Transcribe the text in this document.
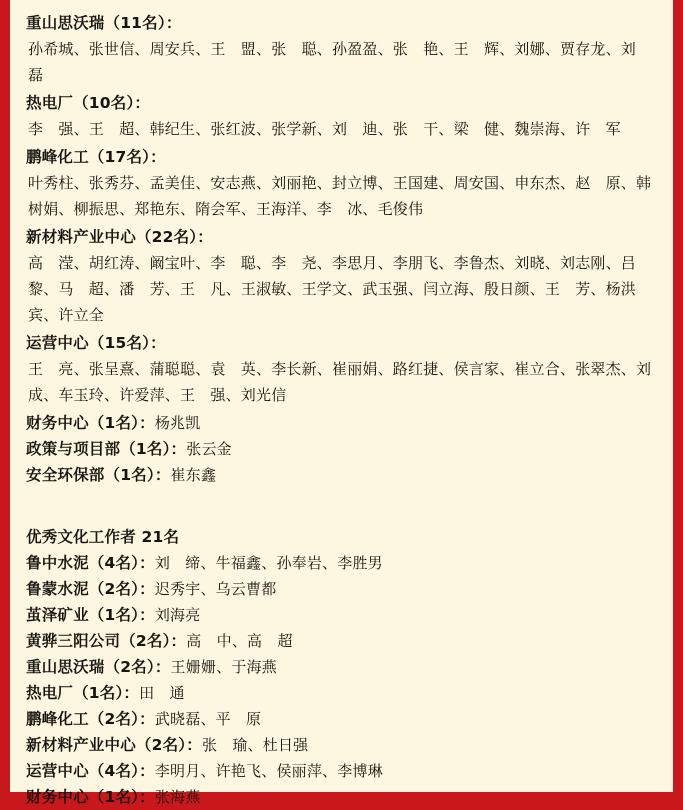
重山思沃瑞（11名）：
孙希城、张世信、周安兵、王　盟、张　聪、孙盈盈、张　艳、王　辉、刘娜、贾存龙、刘　磊
热电厂（10名）：
李　强、王　超、韩纪生、张红波、张学新、刘　迪、张　干、梁　健、魏崇海、许　军
鹏峰化工（17名）：
叶秀柱、张秀芬、孟美佳、安志燕、刘丽艳、封立博、王国建、周安国、申东杰、赵　原、韩树娟、柳振思、郑艳东、隋会军、王海洋、李　冰、毛俊伟
新材料产业中心（22名）：
高　滢、胡红涛、阚宝叶、李　聪、李　尧、李思月、李朋飞、李鲁杰、刘晓、刘志刚、吕　黎、马　超、潘　芳、王　凡、王淑敏、王学文、武玉强、闫立海、殷日颜、王　芳、杨洪宾、许立全
运营中心（15名）：
王　亮、张呈熹、蒲聪聪、袁　英、李长新、崔丽娟、路红捷、侯言家、崔立合、张翠杰、刘　成、车玉玲、许爱萍、王　强、刘光信
财务中心（1名）：杨兆凯
政策与项目部（1名）：张云金
安全环保部（1名）：崔东鑫
优秀文化工作者 21名
鲁中水泥（4名）：刘　缔、牛福鑫、孙奉岩、李胜男
鲁蒙水泥（2名）：迟秀宇、乌云曹都
茧泽矿业（1名）：刘海亮
黄骅三阳公司（2名）：高　中、高　超
重山思沃瑞（2名）：王姗姗、于海燕
热电厂（1名）：田　通
鹏峰化工（2名）：武晓磊、平　原
新材料产业中心（2名）：张　瑜、杜日强
运营中心（4名）：李明月、许艳飞、侯丽萍、李博琳
财务中心（1名）：张海燕
